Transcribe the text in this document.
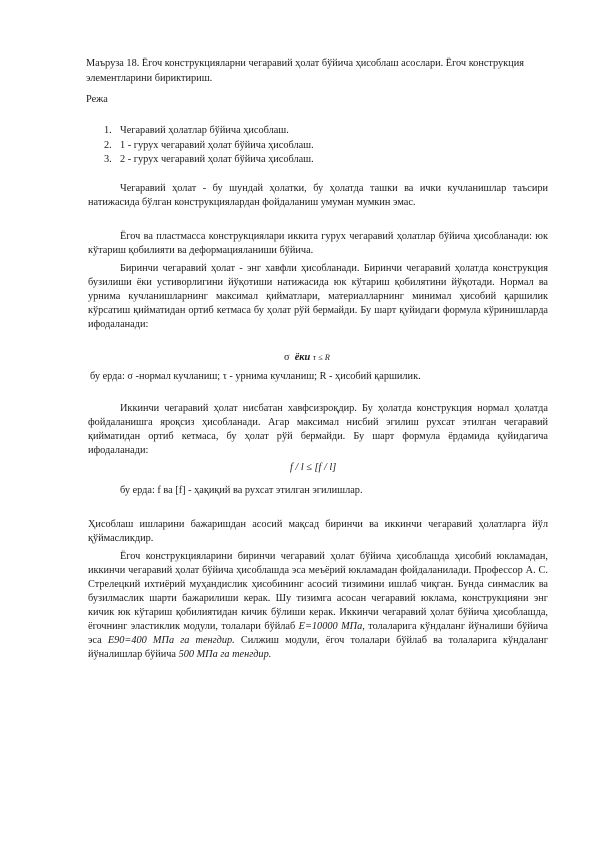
Маъруза 18. Ёгоч конструкцияларни чегаравий ҳолат бўйича ҳисоблаш асослари. Ёгоч конструкция элементларини бириктириш.
Режа
1. Чегаравий ҳолатлар бўйича ҳисоблаш.
2. 1 - гурух чегаравий ҳолат бўйича ҳисоблаш.
3. 2 - гурух чегаравий ҳолат бўйича ҳисоблаш.
Чегаравий ҳолат - бу шундай ҳолатки, бу ҳолатда ташки ва ички кучланишлар таъсири натижасида бўлган конструкциялардан фойдаланиш умуман мумкин эмас.
Ёгоч ва пластмасса конструкциялари иккита гурух чегаравий ҳолатлар бўйича ҳисобланади: юк кўтариш қобилияти ва деформацияланиши бўйича.
Биринчи чегаравий ҳолат - энг хавфли ҳисобланади. Биринчи чегаравий ҳолатда конструкция бузилиши ёки устиворлигини йўқотиши натижасида юк кўтариш қобилятини йўқотади. Нормал ва урнима кучланишларнинг максимал қийматлари, материалларнинг минимал ҳисобий қаршилик кўрсатиш қийматидан ортиб кетмаса бу ҳолат рўй бермайди. Бу шарт қуйидаги формула кўринишларда ифодаланади:
σ ёки τ ≤ R
бу ерда: σ -нормал кучланиш; τ - урнима кучланиш; R - ҳисобий қаршилик.
Иккинчи чегаравий ҳолат нисбатан хавфсизроқдир. Бу ҳолатда конструкция нормал ҳолатда фойдаланишга яроқсиз ҳисобланади. Агар максимал нисбий эгилиш рухсат этилган чегаравий қийматидан ортиб кетмаса, бу ҳолат рўй бермайди. Бу шарт формула ёрдамида қуйидагича ифодаланади:
f / l ≤ [f / l]
бу ерда: f ва [f] - ҳақиқий ва рухсат этилган эгилишлар.
Ҳисоблаш ишларини бажаришдан асосий мақсад биринчи ва иккинчи чегаравий ҳолатларга йўл қўймасликдир.
Ёгоч конструкцияларини биринчи чегаравий ҳолат бўйича ҳисоблашда ҳисобий юкламадан, иккинчи чегаравий ҳолат бўйича ҳисоблашда эса меъёрий юкламадан фойдаланилади. Профессор А. С. Стрелецкий ихтиёрий муҳандислик ҳисобининг асосий тизимини ишлаб чиқган. Бунда синмаслик ва бузилмаслик шарти бажарилиши керак. Шу тизимга асосан чегаравий юклама, конструкцияни энг кичик юк кўтариш қобилиятидан кичик бўлиши керак. Иккинчи чегаравий ҳолат бўйича ҳисоблашда, ёгочнинг эластиклик модули, толалари бўйлаб E=10000 МПа, толаларига кўндаланг йўналиши бўйича эса E90=400 МПа га тенгдир. Силжиш модули, ёгоч толалари бўйлаб ва толаларига кўндаланг йўналишлар бўйича 500 МПа га тенгдир.
